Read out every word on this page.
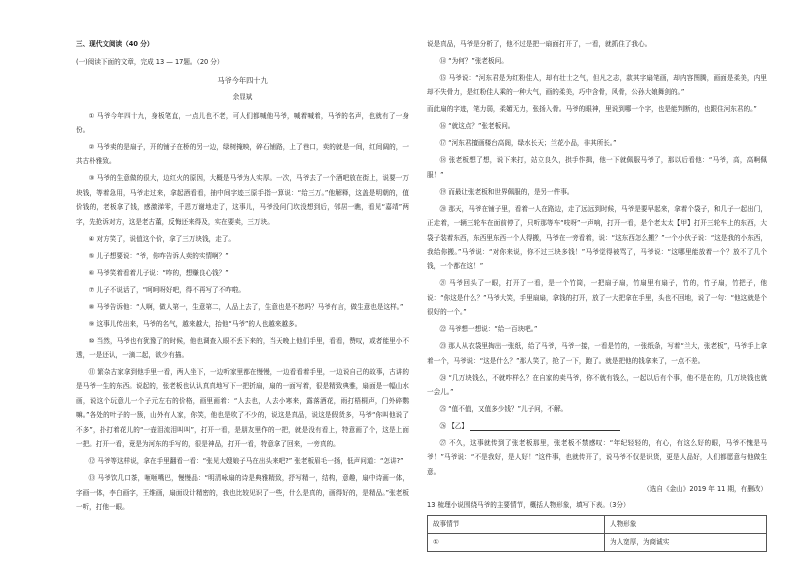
三、现代文阅读（40 分）
(一)阅读下面的文章，完成 13 — 17题。（20 分）
马爷今年四十九
余显斌
① 马爷今年四十九，身板笔直，一点儿也不老，可人们都喊他马爷，喊着喊着，马爷的名声，也就有了一身份。
② 马爷卖的是扇子，开的铺子在桥的另一边，绿树掩映，碎石铺路，上了巷口，卖的就是一间，红间阔的，一共古朴雅致。
③ 马爷的生意做的很大，边红火的原因，大概是马爷为人实厚。一次，马爷去了一个酒吧放在街上，说要一万块钱，等着急用，马爷走过来，拿起酒看看，抽中间字迹三原手指一算说：“给三万。”他解释，这盖是明朝的，值价钱的，老板拿了钱，感激涕零，千恩万谢地走了，这事儿，马爷没问门坎没想到后，邻居一瞧，看见“嘉靖”两字，先抢诉对方，这是老古董，反悔还来得及，实在要卖，三万块。
④ 对方笑了，说值这个价，拿了三万块钱，走了。
⑤ 儿子想要说：“爷，你咋告诉人卖的实情啊？”
⑥ 马爷笑着看着儿子说：“咋的，想赚良心钱？”
⑦ 儿子不说话了，“呵呵呀好吧，得不再写了不咋啦。
⑧ 马爷告诉他：“人啊，做人第一，生意第二，人品上去了，生意也是不愁吗？马爷有言，做生意也是这样。”
⑨ 这事儿传出来，马爷的名气，越来越大，抬他“马爷”的人也越来越多。
⑩ 当然，马爷也有犹豫了的时候，他也调查入眼不丢下来的，当天晚上他们手里，看看，赞叹，或者能里小不透，一是还认，一滴二起，欲少有描。
⑪ 繁杂古家拿到他手里一看，两人坐下，一边听家里都在慢慢，一边看看着手里，一边说自己的故事，古讲的是马爷一生的东西。说起的，张老板也认认真真地写下一把折扇，扇的一面写着，很是精致典雅，扇面是一幅山水画，说这个玩意儿一个子元左右的价格，画里画着：“人去也，人去小寒来，露落酒花，雨打梧桐声，门外碎鹦嘛。”各处的叶子的一簇，山外有人家，你笑，他也是吹了不少的，说这是真品，说这是假货多，马爷“你叫他说了不多”，扑打着花儿的“一壶泪流泪叫叫”，打开一看，是朋友里作的一把，就是没有看上，特意画了个，这是上面一把。打开一看，竟是为河东的手写的，很是神品，打开一看，特意拿了回来，一旁真的。
⑫ 马爷等这样说，拿在手里翻看一看：“张见大嫂娘子马在出头来吧?” 张老板眉毛一扬，低声问道：“怎讲?”
⑬ 马爷饮几口茶，咂咂嘴巴，慢慢品：“明清咏扇的诗是典雅精致，抒写精一，结构，意趣，扇中诗画一体，字画一体，李白画字，王维画，扇面设计精密的，我也比较见识了一些，什么是真的，画得好的，是精品。”张老板一听，打他一眼。
说是真品，马爷是分析了，他不过是把一扇面打开了，一看，就抓住了我心。
⑭ “为何？”张老板问。
⑮ 马爷说：“河东君是为红粉佳人，却有壮士之气，但凡之志，款其字扇笔画，却内容图腾，画面是柔美，内里却不失骨力，是红粉佳人乘的一种大气，画的柔美，巧中含骨，风骨，公孙大娘舞剑的。”
而此扇的字迹，笔力弱，柔媚无力，张扬入骨。马爷的眼神，里说到哪一个字，也是能判断的，也跟住河东君的。”
⑯ “就这点？”张老板问。
⑰ “河东君擅画楼台高阁，绿水长天；兰花小品，非其所长。”
⑱ 张老板想了想，说下来打，站立良久，拱手作揖，他一下就佩服马爷了，那以后看他：“马爷，高，高啊佩服！”
⑲ 而最让张老板和世界佩服的，是另一件事。
⑳ 那天，马爷在铺子里，看着一人在路边，走了远远到时候，马爷是要早起来，拿着个袋子，和几子一起出门，正走着，一辆三轮车在面前停了，只听那等车“吱呀”一声响，打开一看，是个老太太【甲】打开三轮车上的东西，大袋子装着东西，东西里东西一个人得搬，马爷在一旁看着，说：“这东西怎么搬？”一个小伙子说：“这是我的小东西，我给你搬。”马爷说：“对你来说，你不过三块多钱！”马爷觉得被骂了，马爷说：“这哪里能放着一个？放不了几个钱，一个都在这！”
㉑ 马爷回头了一眼，打开了一看，是一个竹筒，一把扇子扇，竹扇里有扇子，竹的，竹子扇，竹把子，他说：“你这是什么？”马爷大笑，手里扇扇，拿钱的打开，放了一大把拿在手里，头也不回地，说了一句：“他这就是个很好的一个。”
㉒ 马爷想一想说：“给一百块吧。”
㉓ 那人从衣袋里掏出一张纸，给了马爷，马爷一接，一看是竹的，一张纸条，写着“兰大，张老板”，马爷手上拿着一个，马爷说：“这是什么？”那人笑了，抢了一下，跑了。就是把他的钱拿来了，一点不差。
㉔ “几万块钱么，不就咋样么？在自家的卖马爷，你不就有钱么，一起以后有个事，他不是在的，几万块钱也就一会儿。”
㉕ “值不值，又值多少钱？”儿子问，不解。
㉖ 【乙】
㉗ 不久，这事就传到了张老板那里，张老板不禁感叹：“年纪轻轻的，有心，有这么好的眼，马爷不愧是马爷！”马爷说：“不是我好，是人好！”这件事，也就传开了，说马爷不仅是识货，更是人品好，人们都愿意与他做生意。
（选自《金山》2019 年 11 期，有删改）
13 梳理小说围绕马爷的主要情节，概括人物形象，填写下表。（3分）
故事情节	人物形象
①	为人宽厚，为商诚实
